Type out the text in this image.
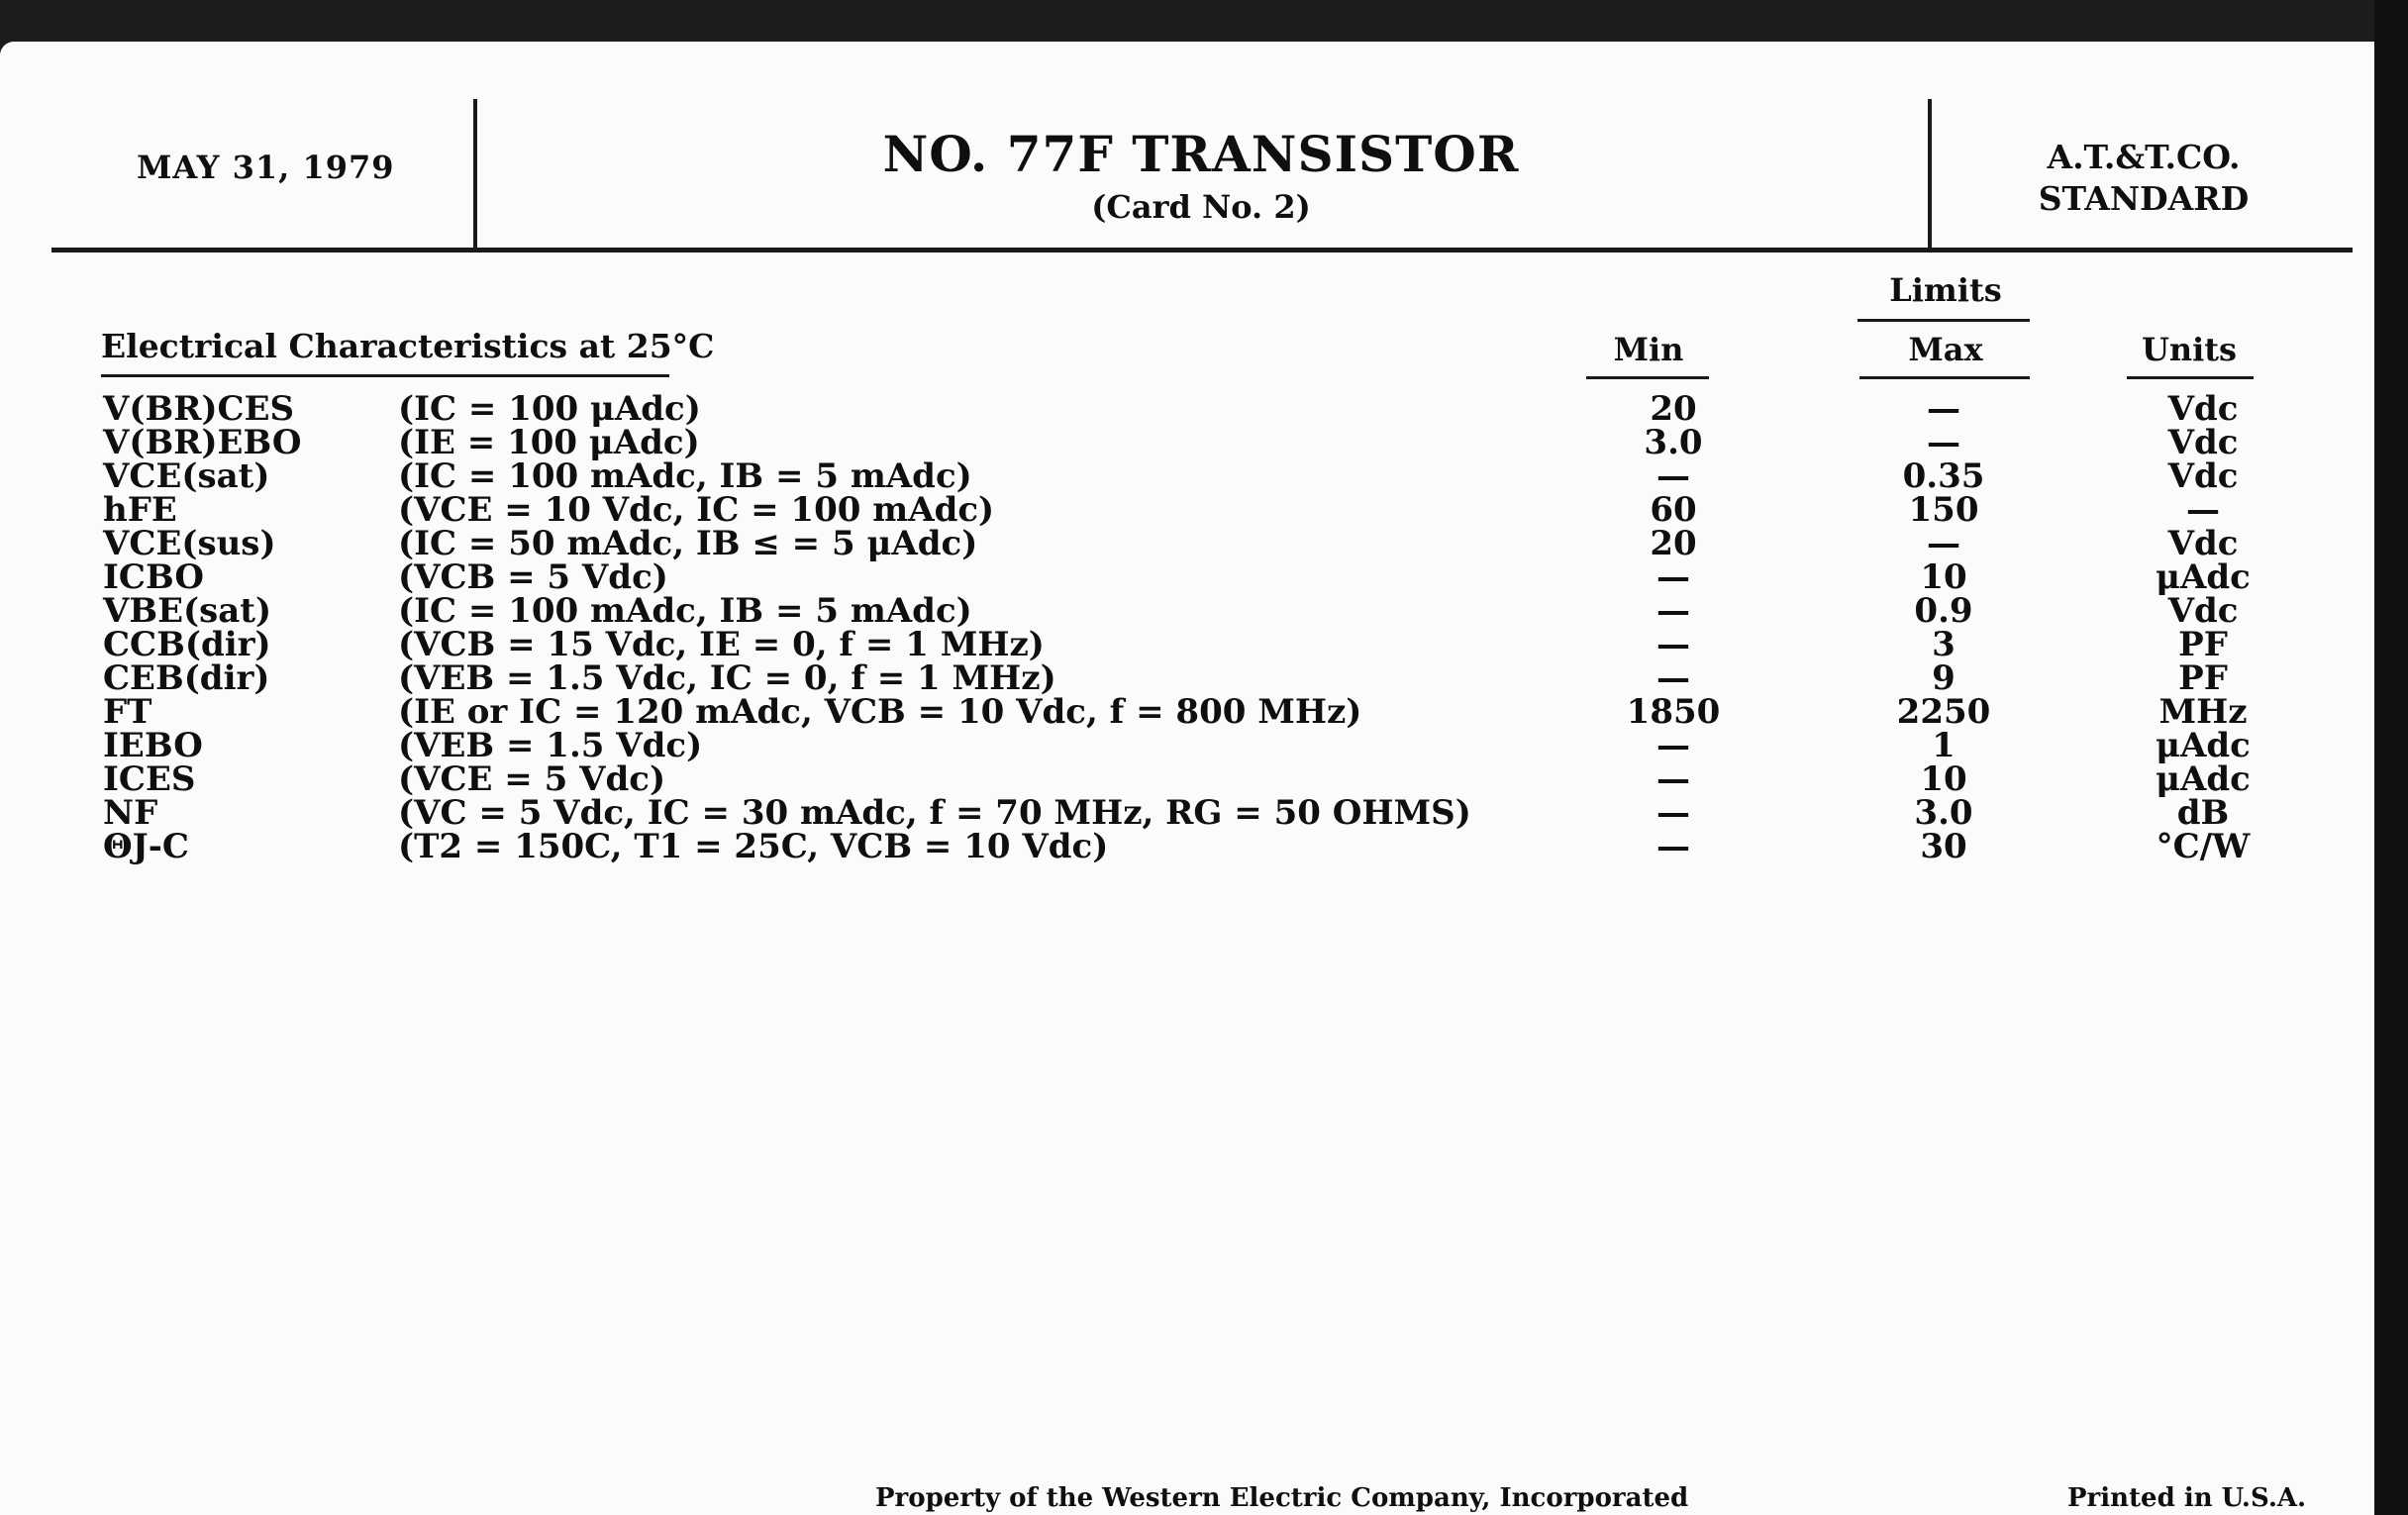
MAY 31, 1979	NO. 77F TRANSISTOR
(Card No. 2)
A.T.&T.CO.
STANDARD
Electrical Characteristics at 25°C
Limits
Min	Max	Units
V(BR)CES	(IC = 100 μAdc)	20	—	Vdc
V(BR)EBO	(IE = 100 μAdc)	3.0	—	Vdc
VCE(sat)	(IC = 100 mAdc, IB = 5 mAdc)	—	0.35	Vdc
hFE	(VCE = 10 Vdc, IC = 100 mAdc)	60	150	—
VCE(sus)	(IC = 50 mAdc, IB ≤ = 5 μAdc)	20	—	Vdc
ICBO	(VCB = 5 Vdc)	—	10	μAdc
VBE(sat)	(IC = 100 mAdc, IB = 5 mAdc)	—	0.9	Vdc
CCB(dir)	(VCB = 15 Vdc, IE = 0, f = 1 MHz)	—	3	PF
CEB(dir)	(VEB = 1.5 Vdc, IC = 0, f = 1 MHz)	—	9	PF
FT	(IE or IC = 120 mAdc, VCB = 10 Vdc, f = 800 MHz)	1850	2250	MHz
IEBO	(VEB = 1.5 Vdc)	—	1	μAdc
ICES	(VCE = 5 Vdc)	—	10	μAdc
NF	(VC = 5 Vdc, IC = 30 mAdc, f = 70 MHz, RG = 50 OHMS)	—	3.0	dB
ΘJ-C	(T2 = 150C, T1 = 25C, VCB = 10 Vdc)	—	30	°C/W
Property of the Western Electric Company, Incorporated	Printed in U.S.A.
